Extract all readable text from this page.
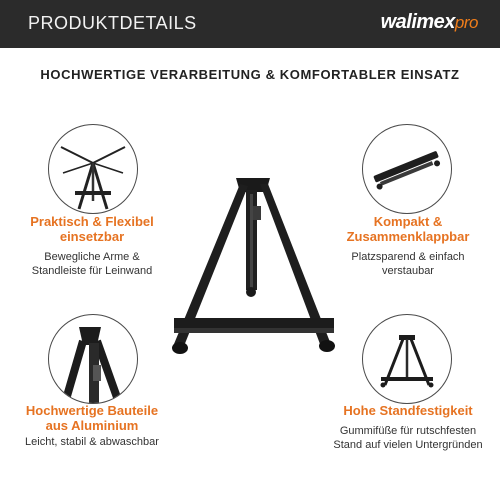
PRODUKTDETAILS	walimexpro
HOCHWERTIGE VERARBEITUNG & KOMFORTABLER EINSATZ
Praktisch & Flexibel
einsetzbar
Bewegliche Arme &
Standleiste für Leinwand
Kompakt &
Zusammenklappbar
Platzsparend & einfach
verstaubar
Hochwertige Bauteile
aus Aluminium
Leicht, stabil & abwaschbar
Hohe Standfestigkeit
Gummifüße für rutschfesten
Stand auf vielen Untergründen
